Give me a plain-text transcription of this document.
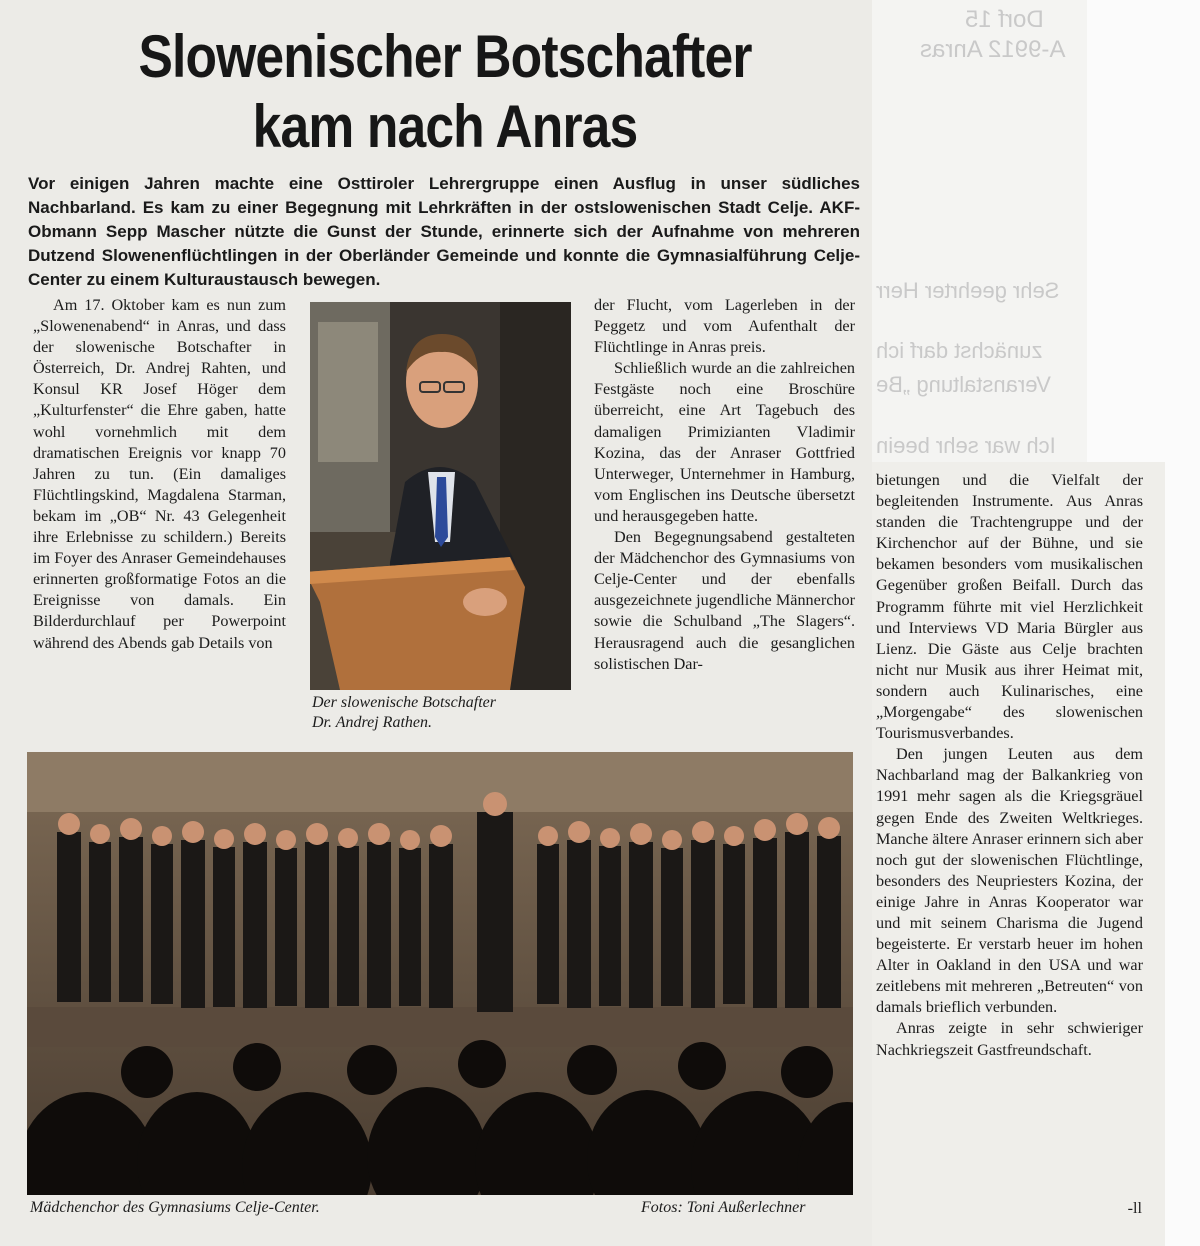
Dorf 15
A-9912 Anras
Sehr geehrter Herr
zunächst darf ich
Veranstaltung „Be
Ich war sehr beein
Slowenischer Botschafter
kam nach Anras

Vor einigen Jahren machte eine Osttiroler Lehrergruppe einen Ausflug in unser südliches Nachbarland. Es kam zu einer Begegnung mit Lehrkräften in der ostslowenischen Stadt Celje. AKF-Obmann Sepp Mascher nützte die Gunst der Stunde, erinnerte sich der Aufnahme von mehreren Dutzend Slowenenflüchtlingen in der Oberländer Gemeinde und konnte die Gymnasialführung Celje- Center zu einem Kulturaustausch bewegen.

Am 17. Oktober kam es nun zum „Slowenenabend“ in Anras, und dass der slowenische Botschafter in Österreich, Dr. Andrej Rahten, und Konsul KR Josef Höger dem „Kulturfenster“ die Ehre gaben, hatte wohl vornehmlich mit dem dramatischen Ereignis vor knapp 70 Jahren zu tun. (Ein damaliges Flüchtlingskind, Magdalena Starman, bekam im „OB“ Nr. 43 Gelegenheit ihre Erlebnisse zu schildern.) Bereits im Foyer des Anraser Gemeindehauses erinnerten großformatige Fotos an die Ereignisse von damals. Ein Bilderdurchlauf per Powerpoint während des Abends gab Details von

Der slowenische Botschafter
Dr. Andrej Rathen.

der Flucht, vom Lagerleben in der Peggetz und vom Aufenthalt der Flüchtlinge in Anras preis.

Schließlich wurde an die zahlreichen Festgäste noch eine Broschüre überreicht, eine Art Tagebuch des damaligen Primizianten Vladimir Kozina, das der Anraser Gottfried Unterweger, Unternehmer in Hamburg, vom Englischen ins Deutsche übersetzt und herausgegeben hatte.

Den Begegnungsabend gestalteten der Mädchenchor des Gymnasiums von Celje-Center und der ebenfalls ausgezeichnete jugendliche Männerchor sowie die Schulband „The Slagers“. Herausragend auch die gesanglichen solistischen Dar-

Mädchenchor des Gymnasiums Celje-Center.	Fotos: Toni Außerlechner

bietungen und die Vielfalt der begleitenden Instrumente. Aus Anras standen die Trachtengruppe und der Kirchenchor auf der Bühne, und sie bekamen besonders vom musikalischen Gegenüber großen Beifall. Durch das Programm führte mit viel Herzlichkeit und Interviews VD Maria Bürgler aus Lienz. Die Gäste aus Celje brachten nicht nur Musik aus ihrer Heimat mit, sondern auch Kulinarisches, eine „Morgengabe“ des slowenischen Tourismusverbandes.

Den jungen Leuten aus dem Nachbarland mag der Balkankrieg von 1991 mehr sagen als die Kriegsgräuel gegen Ende des Zweiten Weltkrieges. Manche ältere Anraser erinnern sich aber noch gut der slowenischen Flüchtlinge, besonders des Neupriesters Kozina, der einige Jahre in Anras Kooperator war und mit seinem Charisma die Jugend begeisterte. Er verstarb heuer im hohen Alter in Oakland in den USA und war zeitlebens mit mehreren „Betreuten“ von damals brieflich verbunden.

Anras zeigte in sehr schwieriger Nachkriegszeit Gastfreundschaft.

-ll
